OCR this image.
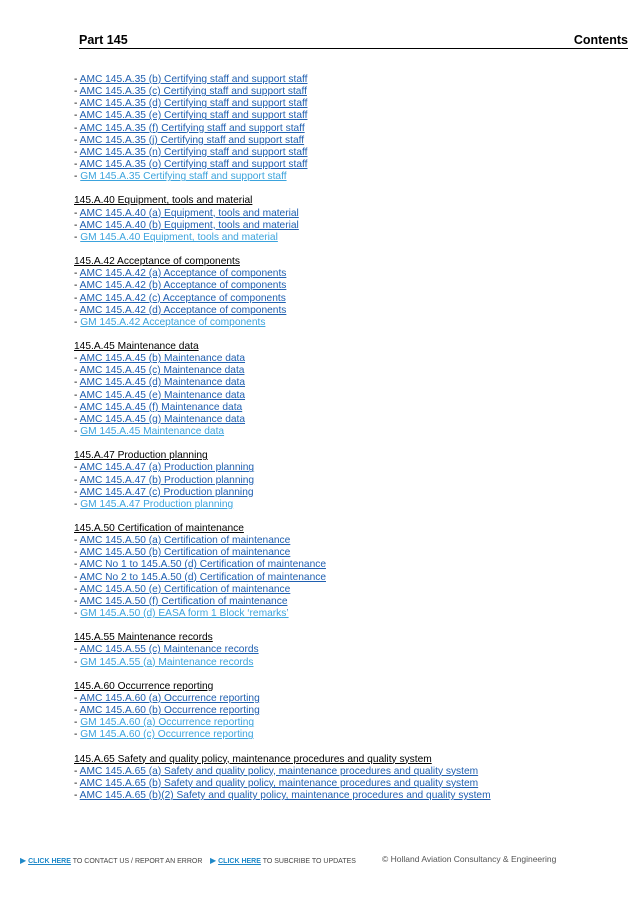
Part 145	Contents
- AMC 145.A.35 (b) Certifying staff and support staff
- AMC 145.A.35 (c) Certifying staff and support staff
- AMC 145.A.35 (d) Certifying staff and support staff
- AMC 145.A.35 (e) Certifying staff and support staff
- AMC 145.A.35 (f) Certifying staff and support staff
- AMC 145.A.35 (j) Certifying staff and support staff
- AMC 145.A.35 (n) Certifying staff and support staff
- AMC 145.A.35 (o) Certifying staff and support staff
- GM 145.A.35 Certifying staff and support staff
145.A.40 Equipment, tools and material
- AMC 145.A.40 (a) Equipment, tools and material
- AMC 145.A.40 (b) Equipment, tools and material
- GM 145.A.40 Equipment, tools and material
145.A.42 Acceptance of components
- AMC 145.A.42 (a) Acceptance of components
- AMC 145.A.42 (b) Acceptance of components
- AMC 145.A.42 (c) Acceptance of components
- AMC 145.A.42 (d) Acceptance of components
- GM 145.A.42 Acceptance of components
145.A.45 Maintenance data
- AMC 145.A.45 (b) Maintenance data
- AMC 145.A.45 (c) Maintenance data
- AMC 145.A.45 (d) Maintenance data
- AMC 145.A.45 (e) Maintenance data
- AMC 145.A.45 (f) Maintenance data
- AMC 145.A.45 (g) Maintenance data
- GM 145.A.45 Maintenance data
145.A.47 Production planning
- AMC 145.A.47 (a) Production planning
- AMC 145.A.47 (b) Production planning
- AMC 145.A.47 (c) Production planning
- GM 145.A.47 Production planning
145.A.50 Certification of maintenance
- AMC 145.A.50 (a) Certification of maintenance
- AMC 145.A.50 (b) Certification of maintenance
- AMC No 1 to 145.A.50 (d) Certification of maintenance
- AMC No 2 to 145.A.50 (d) Certification of maintenance
- AMC 145.A.50 (e) Certification of maintenance
- AMC 145.A.50 (f) Certification of maintenance
- GM 145.A.50 (d) EASA form 1 Block ‘remarks’
145.A.55 Maintenance records
- AMC 145.A.55 (c) Maintenance records
- GM 145.A.55 (a) Maintenance records
145.A.60 Occurrence reporting
- AMC 145.A.60 (a) Occurrence reporting
- AMC 145.A.60 (b) Occurrence reporting
- GM 145.A.60 (a) Occurrence reporting
- GM 145.A.60 (c) Occurrence reporting
145.A.65 Safety and quality policy, maintenance procedures and quality system
- AMC 145.A.65 (a) Safety and quality policy, maintenance procedures and quality system
- AMC 145.A.65 (b) Safety and quality policy, maintenance procedures and quality system
- AMC 145.A.65 (b)(2) Safety and quality policy, maintenance procedures and quality system
▶ CLICK HERE TO CONTACT US / REPORT AN ERROR ▶ CLICK HERE TO SUBCRIBE TO UPDATES	© Holland Aviation Consultancy & Engineering
